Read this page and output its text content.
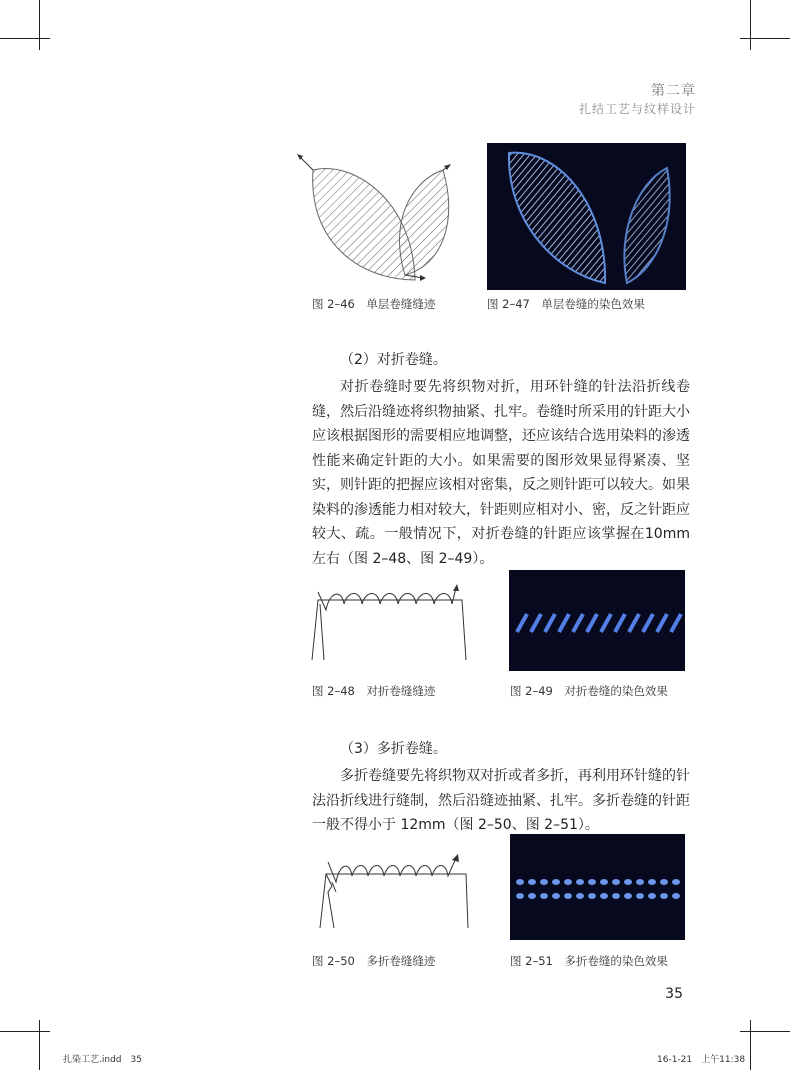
第二章
扎结工艺与纹样设计
图 2–46　单层卷缝缝迹	图 2–47　单层卷缝的染色效果
（2）对折卷缝。

对折卷缝时要先将织物对折，用环针缝的针法沿折线卷缝，然后沿缝迹将织物抽紧、扎牢。卷缝时所采用的针距大小应该根据图形的需要相应地调整，还应该结合选用染料的渗透性能来确定针距的大小。如果需要的图形效果显得紧凑、坚实，则针距的把握应该相对密集，反之则针距可以较大。如果染料的渗透能力相对较大，针距则应相对小、密，反之针距应较大、疏。一般情况下，对折卷缝的针距应该掌握在10mm 左右（图 2–48、图 2–49）。

图 2–48　对折卷缝缝迹	图 2–49　对折卷缝的染色效果
（3）多折卷缝。

多折卷缝要先将织物双对折或者多折，再利用环针缝的针法沿折线进行缝制，然后沿缝迹抽紧、扎牢。多折卷缝的针距一般不得小于 12mm（图 2–50、图 2–51）。

图 2–50　多折卷缝缝迹	图 2–51　多折卷缝的染色效果
35
扎染工艺.indd　35	16-1-21　上午11:38
